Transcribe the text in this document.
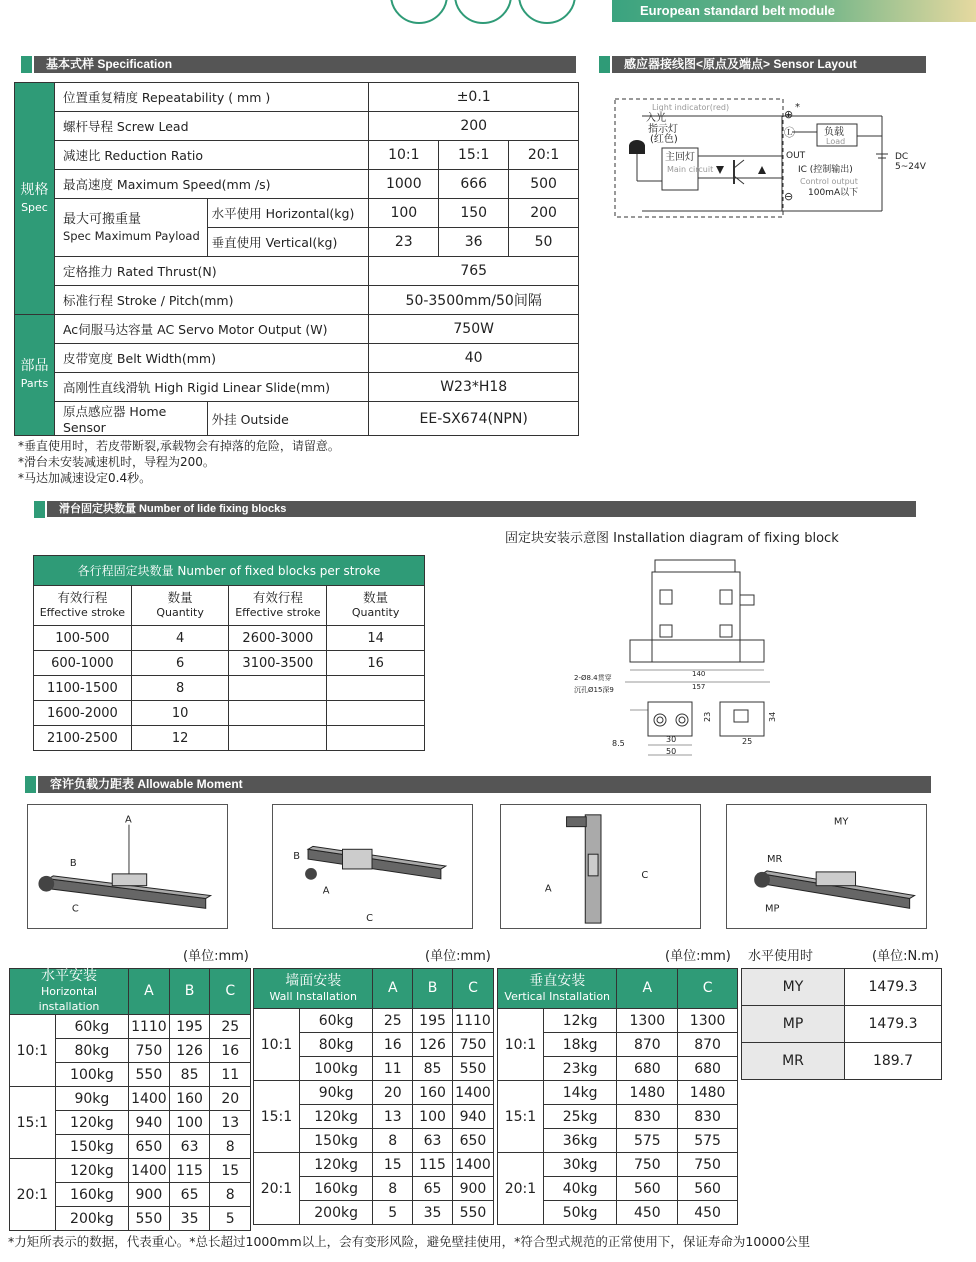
European standard belt module
基本式样 Specification	感应器接线图<原点及端点> Sensor Layout
滑台固定块数量 Number of lide fixing blocks
容许负载力距表 Allowable Moment
规格
Spec	位置重复精度 Repeatability ( mm )		±0.1		
	螺杆导程 Screw Lead		200		
	减速比 Reduction Ratio		10:1	15:1	20:1
	最高速度 Maximum Speed(mm /s)		1000	666	500
	最大可搬重量
Spec Maximum Payload	水平使用 Horizontal(kg)	100	150	200
		垂直使用 Vertical(kg)	23	36	50
	定格推力 Rated Thrust(N)		765		
	标准行程 Stroke / Pitch(mm)		50-3500mm/50间隔		
部品
Parts	Ac伺服马达容量 AC Servo Motor Output (W)		750W		
	皮带宽度 Belt Width(mm)		40		
	高刚性直线滑轨 High Rigid Linear Slide(mm)		W23*H18		
	原点感应器 Home Sensor	外挂 Outside	EE-SX674(NPN)		
*垂直使用时，若皮带断裂,承载物会有掉落的危险，请留意。
*滑台未安装减速机时，导程为200。
*马达加减速设定0.4秒。
Light indicator(red)
入光
指示灯
(红色)
主回灯
Main circuit
负载
Load
OUT
IC (控制输出)
Control output
100mA以下
DC
5~24V
⊕
*
Ⓛ
⊖
各行程固定块数量 Number of fixed blocks per stroke			
有效行程
Effective stroke	数量
Quantity	有效行程
Effective stroke	数量
Quantity
100-500	4	2600-3000	14
600-1000	6	3100-3500	16
1100-1500	8		
1600-2000	10		
2100-2500	12		
固定块安装示意图 Installation diagram of fixing block
140
157
2-Ø8.4贯穿
沉孔Ø15深9
30
50
8.5
23	34
25
A
B
C
B
A
C
A
C
MY
MR
MP
(单位:mm)	(单位:mm)	(单位:mm) 水平使用时	(单位:N.m)
水平安装
Horizontal installation		A	B	C
10:1	60kg	1110	195	25
	80kg	750	126	16
	100kg	550	85	11
15:1	90kg	1400	160	20
	120kg	940	100	13
	150kg	650	63	8
20:1	120kg	1400	115	15
	160kg	900	65	8
	200kg	550	35	5
墙面安装
Wall Installation		A	B	C
10:1	60kg	25	195	1110
	80kg	16	126	750
	100kg	11	85	550
15:1	90kg	20	160	1400
	120kg	13	100	940
	150kg	8	63	650
20:1	120kg	15	115	1400
	160kg	8	65	900
	200kg	5	35	550
垂直安装
Vertical Installation		A	C
10:1	12kg	1300	1300
	18kg	870	870
	23kg	680	680
15:1	14kg	1480	1480
	25kg	830	830
	36kg	575	575
20:1	30kg	750	750
	40kg	560	560
	50kg	450	450
MY	1479.3
MP	1479.3
MR	189.7
*力矩所表示的数据，代表重心。*总长超过1000mm以上，会有变形风险，避免壁挂使用，*符合型式规范的正常使用下，保证寿命为10000公里
